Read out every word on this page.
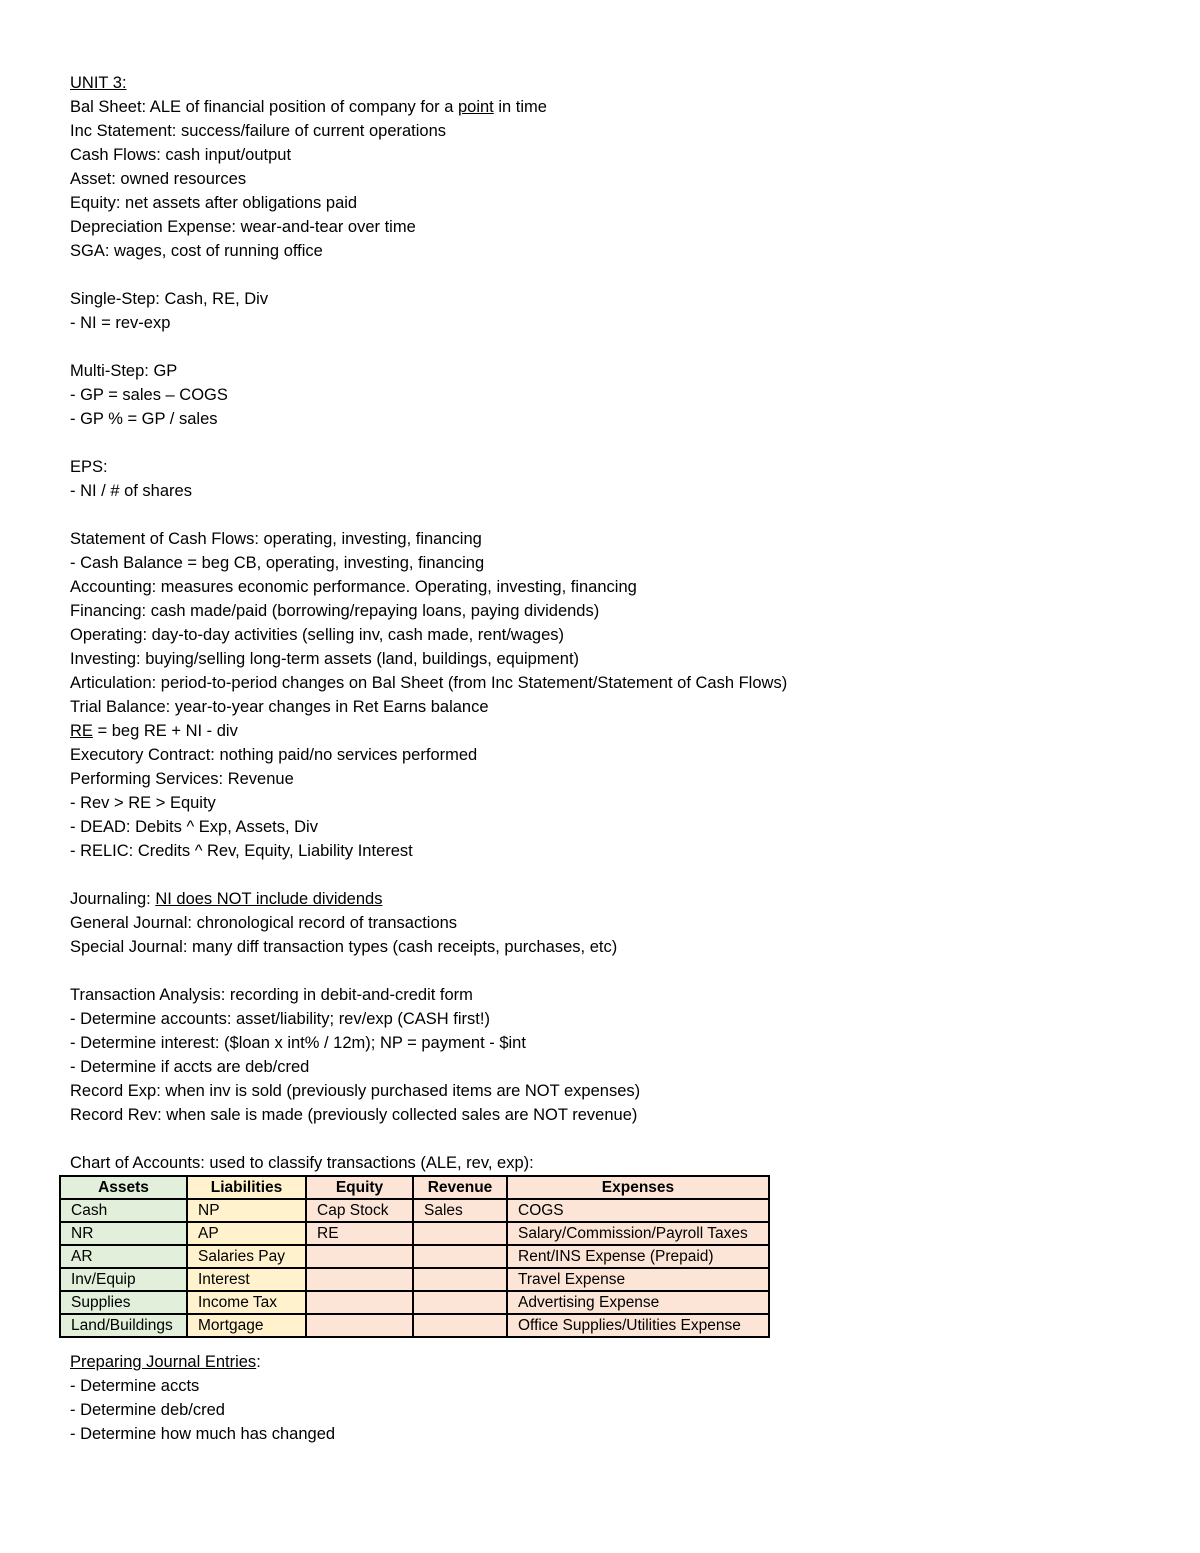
UNIT 3:
Bal Sheet: ALE of financial position of company for a point in time
Inc Statement: success/failure of current operations
Cash Flows: cash input/output
Asset: owned resources
Equity: net assets after obligations paid
Depreciation Expense: wear-and-tear over time
SGA: wages, cost of running office
Single-Step: Cash, RE, Div
- NI = rev-exp
Multi-Step: GP
- GP = sales – COGS
- GP % = GP / sales
EPS:
- NI / # of shares
Statement of Cash Flows: operating, investing, financing
- Cash Balance = beg CB, operating, investing, financing
Accounting: measures economic performance. Operating, investing, financing
Financing: cash made/paid (borrowing/repaying loans, paying dividends)
Operating: day-to-day activities (selling inv, cash made, rent/wages)
Investing: buying/selling long-term assets (land, buildings, equipment)
Articulation: period-to-period changes on Bal Sheet (from Inc Statement/Statement of Cash Flows)
Trial Balance: year-to-year changes in Ret Earns balance
RE = beg RE + NI - div
Executory Contract: nothing paid/no services performed
Performing Services: Revenue
- Rev > RE > Equity
- DEAD: Debits ^ Exp, Assets, Div
- RELIC: Credits ^ Rev, Equity, Liability Interest
Journaling: NI does NOT include dividends
General Journal: chronological record of transactions
Special Journal: many diff transaction types (cash receipts, purchases, etc)
Transaction Analysis: recording in debit-and-credit form
- Determine accounts: asset/liability; rev/exp (CASH first!)
- Determine interest: ($loan x int% / 12m); NP = payment - $int
- Determine if accts are deb/cred
Record Exp: when inv is sold (previously purchased items are NOT expenses)
Record Rev: when sale is made (previously collected sales are NOT revenue)
Chart of Accounts: used to classify transactions (ALE, rev, exp):
Assets	Liabilities	Equity	Revenue	Expenses
Cash	NP	Cap Stock	Sales	COGS
NR	AP	RE		Salary/Commission/Payroll Taxes
AR	Salaries Pay			Rent/INS Expense (Prepaid)
Inv/Equip	Interest			Travel Expense
Supplies	Income Tax			Advertising Expense
Land/Buildings	Mortgage			Office Supplies/Utilities Expense
Preparing Journal Entries:
- Determine accts
- Determine deb/cred
- Determine how much has changed
